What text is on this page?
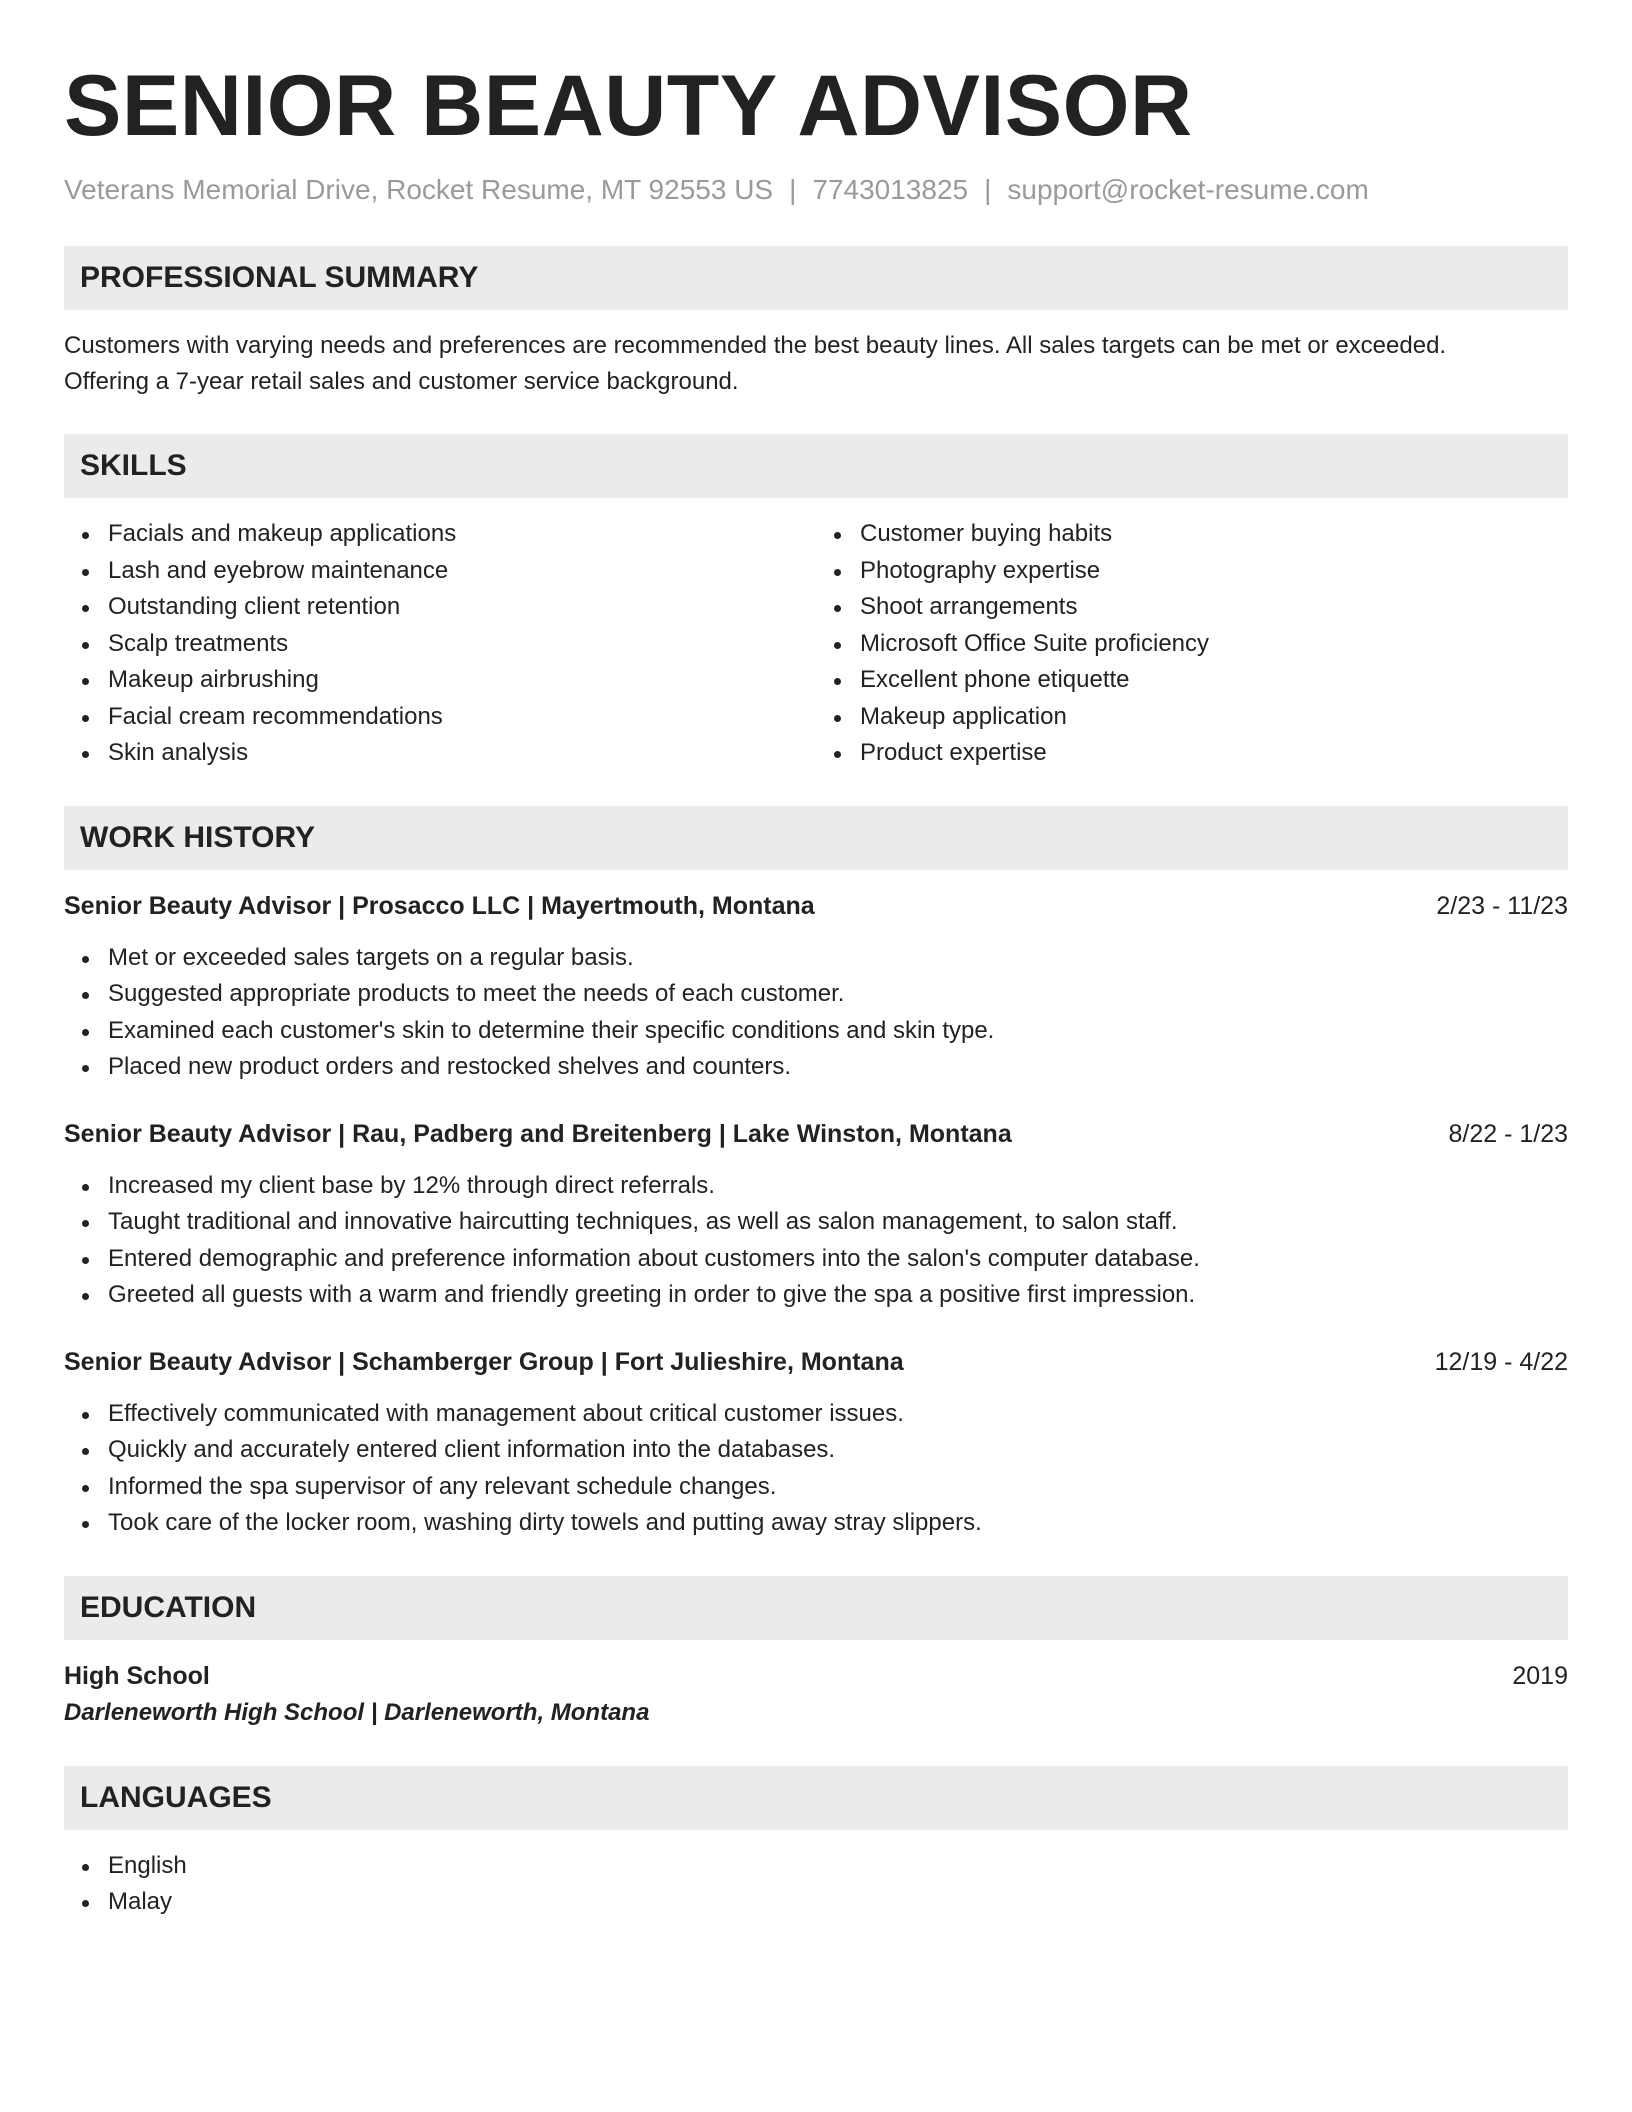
SENIOR BEAUTY ADVISOR
Veterans Memorial Drive, Rocket Resume, MT 92553 US | 7743013825 | support@rocket-resume.com
PROFESSIONAL SUMMARY
Customers with varying needs and preferences are recommended the best beauty lines. All sales targets can be met or exceeded.
Offering a 7-year retail sales and customer service background.
SKILLS
Facials and makeup applications
Lash and eyebrow maintenance
Outstanding client retention
Scalp treatments
Makeup airbrushing
Facial cream recommendations
Skin analysis
Customer buying habits
Photography expertise
Shoot arrangements
Microsoft Office Suite proficiency
Excellent phone etiquette
Makeup application
Product expertise
WORK HISTORY
Senior Beauty Advisor | Prosacco LLC | Mayertmouth, Montana	2/23 - 11/23
Met or exceeded sales targets on a regular basis.
Suggested appropriate products to meet the needs of each customer.
Examined each customer's skin to determine their specific conditions and skin type.
Placed new product orders and restocked shelves and counters.
Senior Beauty Advisor | Rau, Padberg and Breitenberg | Lake Winston, Montana	8/22 - 1/23
Increased my client base by 12% through direct referrals.
Taught traditional and innovative haircutting techniques, as well as salon management, to salon staff.
Entered demographic and preference information about customers into the salon's computer database.
Greeted all guests with a warm and friendly greeting in order to give the spa a positive first impression.
Senior Beauty Advisor | Schamberger Group | Fort Julieshire, Montana	12/19 - 4/22
Effectively communicated with management about critical customer issues.
Quickly and accurately entered client information into the databases.
Informed the spa supervisor of any relevant schedule changes.
Took care of the locker room, washing dirty towels and putting away stray slippers.
EDUCATION
High School	2019
Darleneworth High School | Darleneworth, Montana
LANGUAGES
English
Malay
